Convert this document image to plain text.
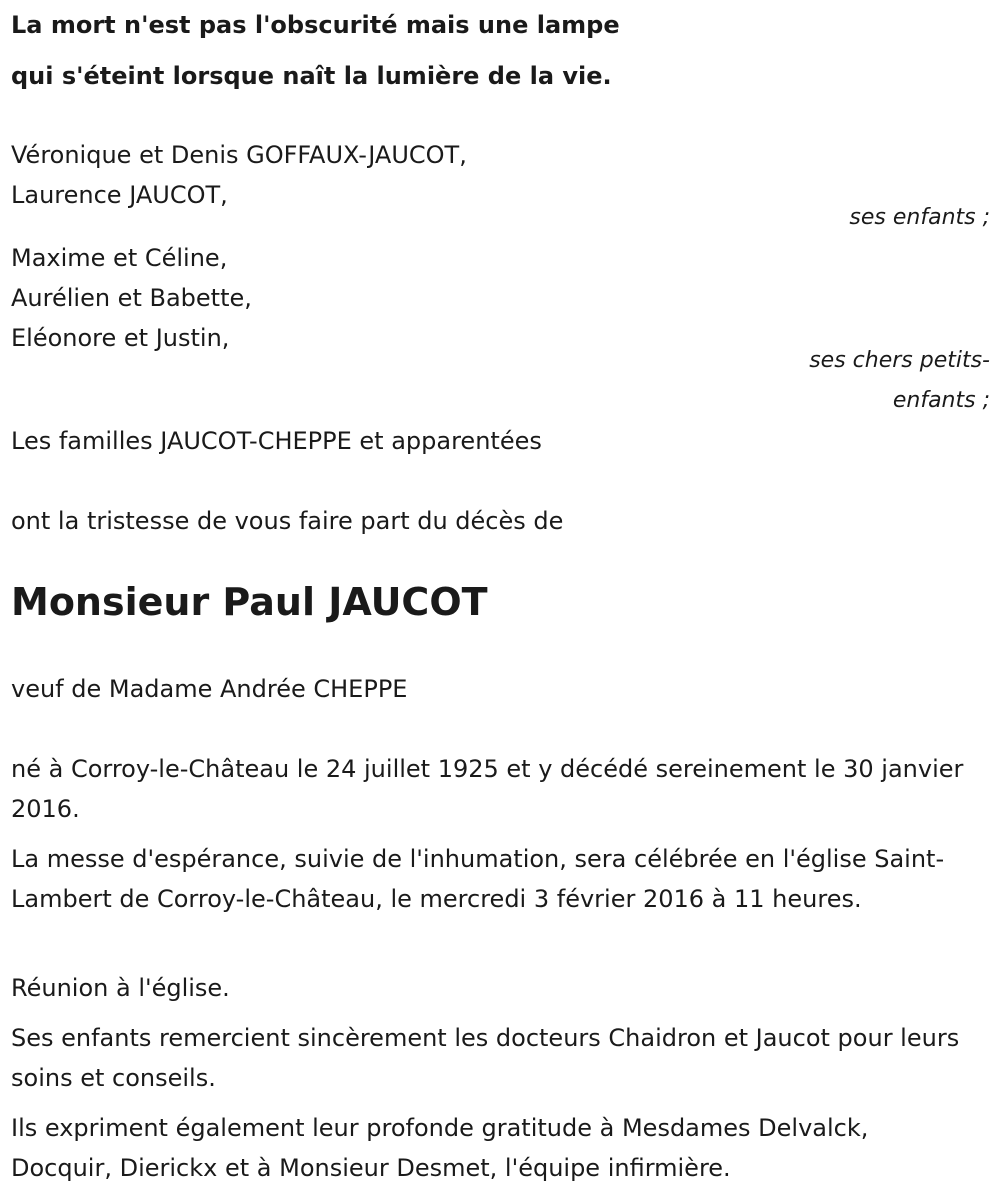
La mort n'est pas l'obscurité mais une lampe

qui s'éteint lorsque naît la lumière de la vie.

Véronique et Denis GOFFAUX-JAUCOT,

Laurence JAUCOT,

ses enfants ;

Maxime et Céline,

Aurélien et Babette,

Eléonore et Justin,

ses chers petits-

enfants ;

Les familles JAUCOT-CHEPPE et apparentées

ont la tristesse de vous faire part du décès de

Monsieur Paul JAUCOT

veuf de Madame Andrée CHEPPE

né à Corroy-le-Château le 24 juillet 1925 et y décédé sereinement le 30 janvier 2016.

La messe d'espérance, suivie de l'inhumation, sera célébrée en l'église Saint-Lambert de Corroy-le-Château, le mercredi 3 février 2016 à 11 heures.

Réunion à l'église.

Ses enfants remercient sincèrement les docteurs Chaidron et Jaucot pour leurs soins et conseils.

Ils expriment également leur profonde gratitude à Mesdames Delvalck, Docquir, Dierickx et à Monsieur Desmet, l'équipe infirmière.
